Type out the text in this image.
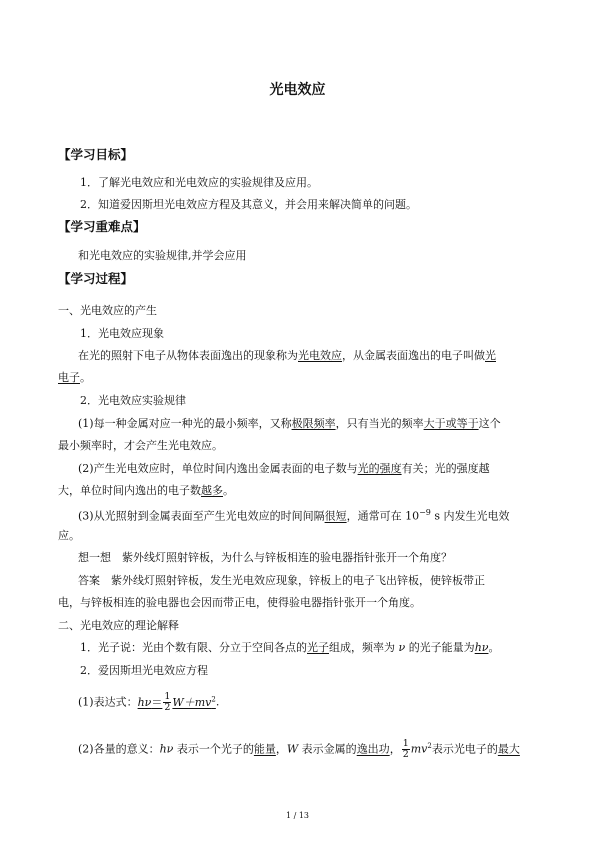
光电效应
【学习目标】
1．了解光电效应和光电效应的实验规律及应用。
2．知道爱因斯坦光电效应方程及其意义，并会用来解决简单的问题。
【学习重难点】
和光电效应的实验规律,并学会应用
【学习过程】
一、光电效应的产生
1．光电效应现象
在光的照射下电子从物体表面逸出的现象称为光电效应，从金属表面逸出的电子叫做光
电子。
2．光电效应实验规律
(1)每一种金属对应一种光的最小频率，又称极限频率，只有当光的频率大于或等于这个
最小频率时，才会产生光电效应。
(2)产生光电效应时，单位时间内逸出金属表面的电子数与光的强度有关；光的强度越
大，单位时间内逸出的电子数越多。
(3)从光照射到金属表面至产生光电效应的时间间隔很短，通常可在 $10^{-9}$ s 内发生光电效
应。
想一想　紫外线灯照射锌板，为什么与锌板相连的验电器指针张开一个角度？
答案　紫外线灯照射锌板，发生光电效应现象，锌板上的电子飞出锌板，使锌板带正
电，与锌板相连的验电器也会因而带正电，使得验电器指针张开一个角度。
二、光电效应的理论解释
1．光子说：光由个数有限、分立于空间各点的光子组成，频率为 ν 的光子能量为hν。
2．爱因斯坦光电效应方程
(1)表达式：$h\nu= \frac{1}{2} W+mv^2$.
(2)各量的意义：hν 表示一个光子的能量，W 表示金属的逸出功， $\frac{1}{2} mv^2$表示光电子的最大
1 / 13
